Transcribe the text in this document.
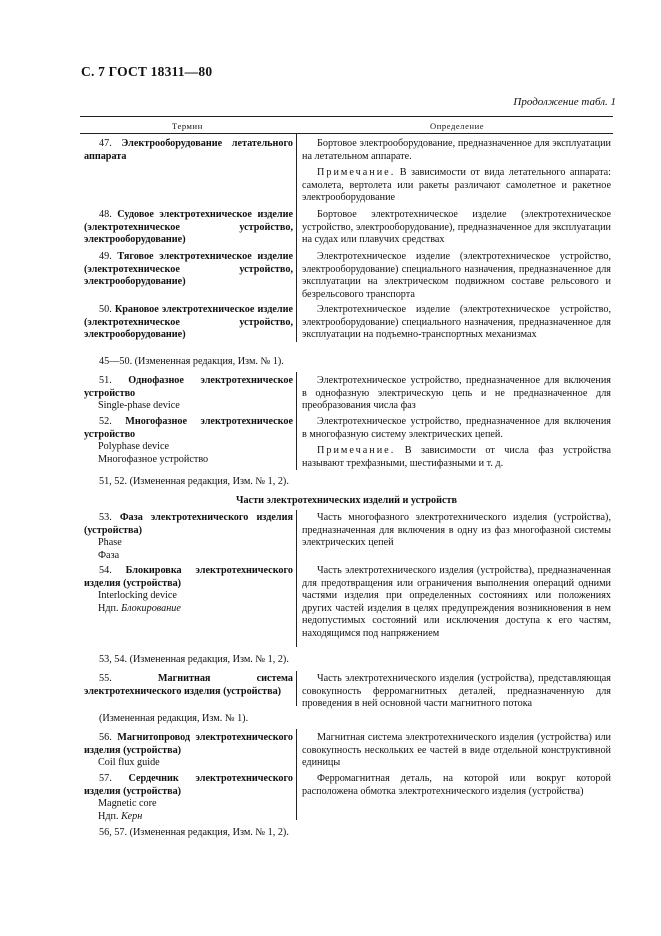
С. 7 ГОСТ 18311—80
Продолжение табл. 1
Термин	Определение
47. Электрооборудование летательного аппарата
Бортовое электрооборудование, предназначенное для эксплуатации на летательном аппарате.
Примечание. В зависимости от вида летательного аппарата: самолета, вертолета или ракеты различают самолетное и ракетное электрооборудование
48. Судовое электротехническое изделие (электротехническое устройство, электрооборудование)
Бортовое электротехническое изделие (электротехническое устройство, электрооборудование), предназначенное для эксплуатации на судах или плавучих средствах
49. Тяговое электротехническое изделие (электротехническое устройство, электрооборудование)
Электротехническое изделие (электротехническое устройство, электрооборудование) специального назначения, предназначенное для эксплуатации на электрическом подвижном составе рельсового и безрельсового транспорта
50. Крановое электротехническое изделие (электротехническое устройство, электрооборудование)
Электротехническое изделие (электротехническое устройство, электрооборудование) специального назначения, предназначенное для эксплуатации на подъемно-транспортных механизмах
45—50. (Измененная редакция, Изм. № 1).
51. Однофазное электротехническое устройство
Single-phase device
Электротехническое устройство, предназначенное для включения в однофазную электрическую цепь и не предназначенное для преобразования числа фаз
52. Многофазное электротехническое устройство
Polyphase device
Многофазное устройство
Электротехническое устройство, предназначенное для включения в многофазную систему электрических цепей.
Примечание. В зависимости от числа фаз устройства называют трехфазными, шестифазными и т. д.
51, 52. (Измененная редакция, Изм. № 1, 2).
Части электротехнических изделий и устройств
53. Фаза электротехнического изделия (устройства)
Phase
Фаза
Часть многофазного электротехнического изделия (устройства), предназначенная для включения в одну из фаз многофазной системы электрических цепей
54. Блокировка электротехнического изделия (устройства)
Interlocking device
Ндп. Блокирование
Часть электротехнического изделия (устройства), предназначенная для предотвращения или ограничения выполнения операций одними частями изделия при определенных состояниях или положениях других частей изделия в целях предупреждения возникновения в нем недопустимых состояний или исключения доступа к его частям, находящимся под напряжением
53, 54. (Измененная редакция, Изм. № 1, 2).
55.	Магнитная система электротехнического изделия (устройства)
Часть электротехнического изделия (устройства), представляющая совокупность ферромагнитных деталей, предназначенную для проведения в ней основной части магнитного потока
(Измененная редакция, Изм. № 1).
56. Магнитопровод электротехнического изделия (устройства)
Coil flux guide
Магнитная система электротехнического изделия (устройства) или совокупность нескольких ее частей в виде отдельной конструктивной единицы
57. Сердечник электротехнического изделия (устройства)
Magnetic core
Ндп. Керн
Ферромагнитная деталь, на которой или вокруг которой расположена обмотка электротехнического изделия (устройства)
56, 57. (Измененная редакция, Изм. № 1, 2).
